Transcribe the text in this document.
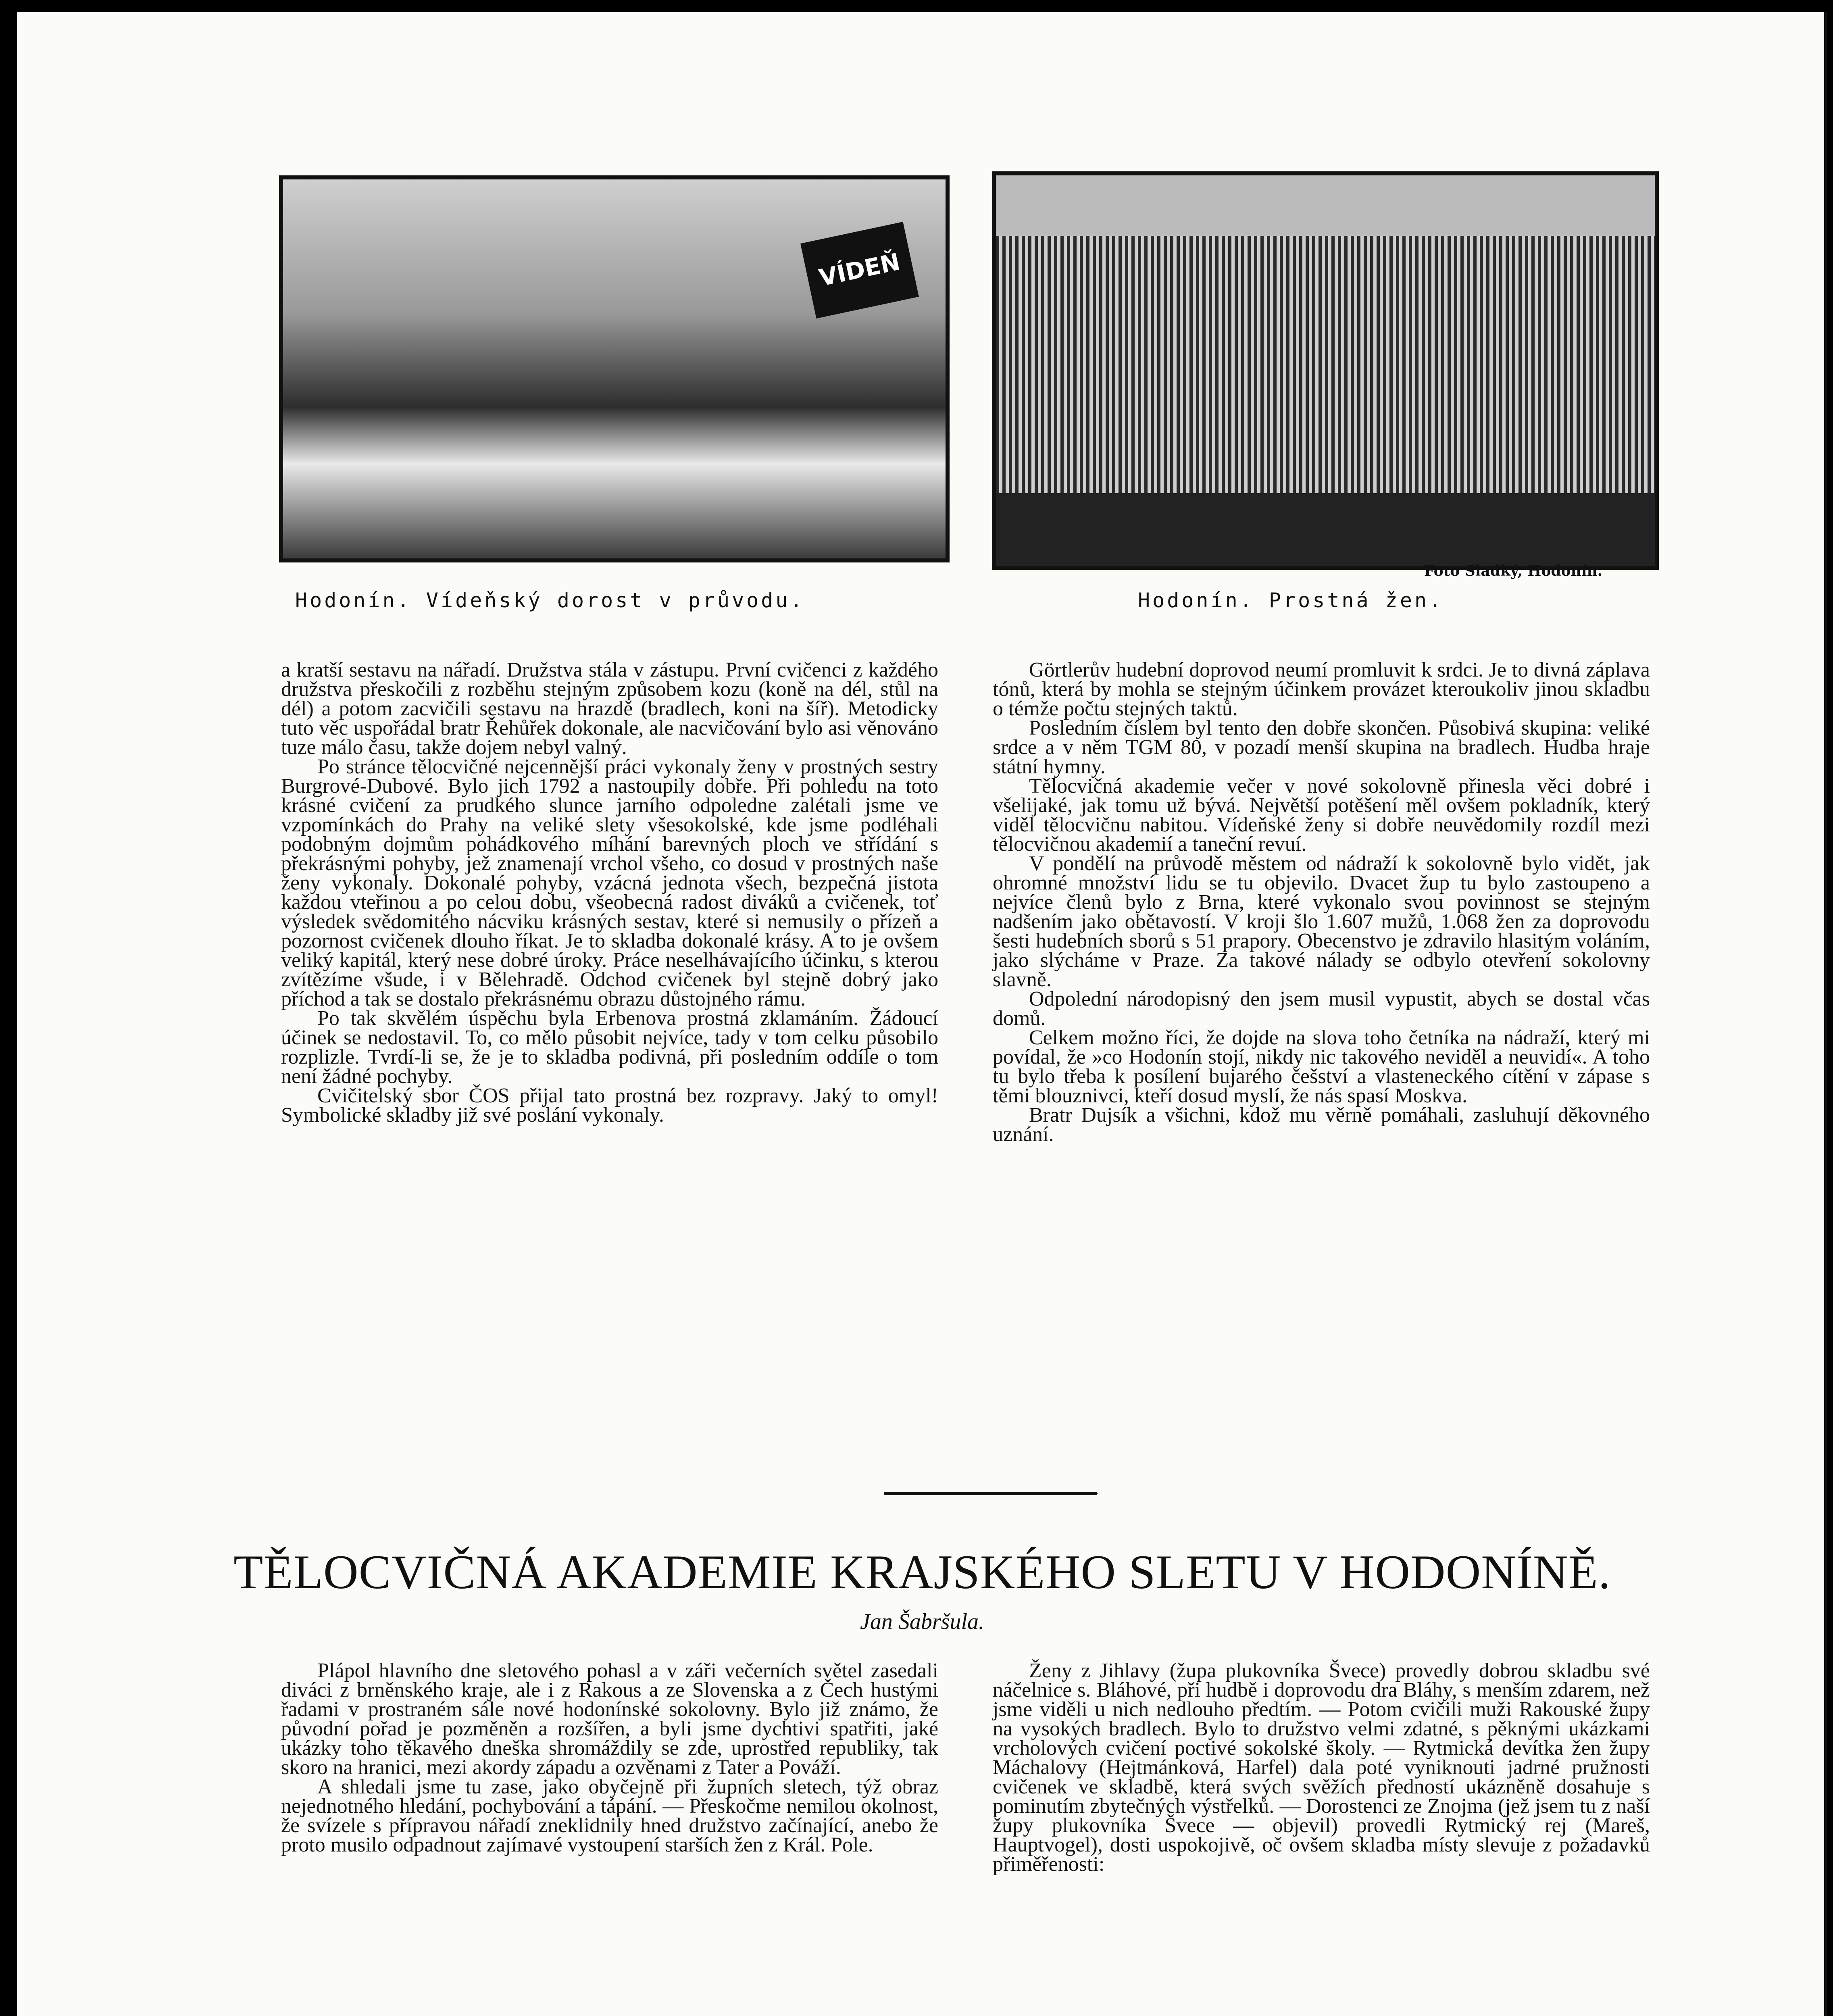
VÍDEŇ
Hodonín. Vídeňský dorost v průvodu.
Foto Sladký, Hodonín.
Hodonín. Prostná žen.

a kratší sestavu na nářadí. Družstva stála v zástupu. První cvičenci z každého družstva přeskočili z rozběhu stejným způsobem kozu (koně na dél, stůl na dél) a potom zacvičili sestavu na hrazdě (bradlech, koni na šíř). Metodicky tuto věc uspořádal bratr Řehůřek dokonale, ale nacvičování bylo asi věnováno tuze málo času, takže dojem nebyl valný.

Po stránce tělocvičné nejcennější práci vykonaly ženy v prostných sestry Burgrové-Dubové. Bylo jich 1792 a nastoupily dobře. Při pohledu na toto krásné cvičení za prudkého slunce jarního odpoledne zalétali jsme ve vzpomínkách do Prahy na veliké slety všesokolské, kde jsme podléhali podobným dojmům pohádkového míhání barevných ploch ve střídání s překrásnými pohyby, jež znamenají vrchol všeho, co dosud v prostných naše ženy vykonaly. Dokonalé pohyby, vzácná jednota všech, bezpečná jistota každou vteřinou a po celou dobu, všeobecná radost diváků a cvičenek, toť výsledek svědomitého nácviku krásných sestav, které si nemusily o přízeň a pozornost cvičenek dlouho říkat. Je to skladba dokonalé krásy. A to je ovšem veliký kapitál, který nese dobré úroky. Práce neselhávajícího účinku, s kterou zvítězíme všude, i v Bělehradě. Odchod cvičenek byl stejně dobrý jako příchod a tak se dostalo překrásnému obrazu důstojného rámu.

Po tak skvělém úspěchu byla Erbenova prostná zklamáním. Žádoucí účinek se nedostavil. To, co mělo působit nejvíce, tady v tom celku působilo rozplizle. Tvrdí-li se, že je to skladba podivná, při posledním oddíle o tom není žádné pochyby.

Cvičitelský sbor ČOS přijal tato prostná bez rozpravy. Jaký to omyl! Symbolické skladby již své poslání vykonaly.

Görtlerův hudební doprovod neumí promluvit k srdci. Je to divná záplava tónů, která by mohla se stejným účinkem provázet kteroukoliv jinou skladbu o témže počtu stejných taktů.

Posledním číslem byl tento den dobře skončen. Působivá skupina: veliké srdce a v něm TGM 80, v pozadí menší skupina na bradlech. Hudba hraje státní hymny.

Tělocvičná akademie večer v nové sokolovně přinesla věci dobré i všelijaké, jak tomu už bývá. Největší potěšení měl ovšem pokladník, který viděl tělocvičnu nabitou. Vídeňské ženy si dobře neuvědomily rozdíl mezi tělocvičnou akademií a taneční revuí.

V pondělí na průvodě městem od nádraží k sokolovně bylo vidět, jak ohromné množství lidu se tu objevilo. Dvacet žup tu bylo zastoupeno a nejvíce členů bylo z Brna, které vykonalo svou povinnost se stejným nadšením jako obětavostí. V kroji šlo 1.607 mužů, 1.068 žen za doprovodu šesti hudebních sborů s 51 prapory. Obecenstvo je zdravilo hlasitým voláním, jako slýcháme v Praze. Za takové nálady se odbylo otevření sokolovny slavně.

Odpolední národopisný den jsem musil vypustit, abych se dostal včas domů.

Celkem možno říci, že dojde na slova toho četníka na nádraží, který mi povídal, že »co Hodonín stojí, nikdy nic takového neviděl a neuvidí«. A toho tu bylo třeba k posílení bujarého češství a vlasteneckého cítění v zápase s těmi blouznivci, kteří dosud myslí, že nás spasí Moskva.

Bratr Dujsík a všichni, kdož mu věrně pomáhali, zasluhují děkovného uznání.

TĚLOCVIČNÁ AKADEMIE KRAJSKÉHO SLETU V HODONÍNĚ.
Jan Šabršula.

Plápol hlavního dne sletového pohasl a v záři večerních světel zasedali diváci z brněnského kraje, ale i z Rakous a ze Slovenska a z Čech hustými řadami v prostraném sále nové hodonínské sokolovny. Bylo již známo, že původní pořad je pozměněn a rozšířen, a byli jsme dychtivi spatřiti, jaké ukázky toho těkavého dneška shromáždily se zde, uprostřed republiky, tak skoro na hranici, mezi akordy západu a ozvěnami z Tater a Pováží.

A shledali jsme tu zase, jako obyčejně při župních sletech, týž obraz nejednotného hledání, pochybování a tápání. — Přeskočme nemilou okolnost, že svízele s přípravou nářadí zneklidnily hned družstvo začínající, anebo že proto musilo odpadnout zajímavé vystoupení starších žen z Král. Pole.

Ženy z Jihlavy (župa plukovníka Švece) provedly dobrou skladbu své náčelnice s. Bláhové, při hudbě i doprovodu dra Bláhy, s menším zdarem, než jsme viděli u nich nedlouho předtím. — Potom cvičili muži Rakouské župy na vysokých bradlech. Bylo to družstvo velmi zdatné, s pěknými ukázkami vrcholových cvičení poctivé sokolské školy. — Rytmická devítka žen župy Máchalovy (Hejtmánková, Harfel) dala poté vyniknouti jadrné pružnosti cvičenek ve skladbě, která svých svěžích předností ukázněně dosahuje s pominutím zbytečných výstřelků. — Dorostenci ze Znojma (jež jsem tu z naší župy plukovníka Švece — objevil) provedli Rytmický rej (Mareš, Hauptvogel), dosti uspokojivě, oč ovšem skladba místy slevuje z požadavků přiměřenosti:
